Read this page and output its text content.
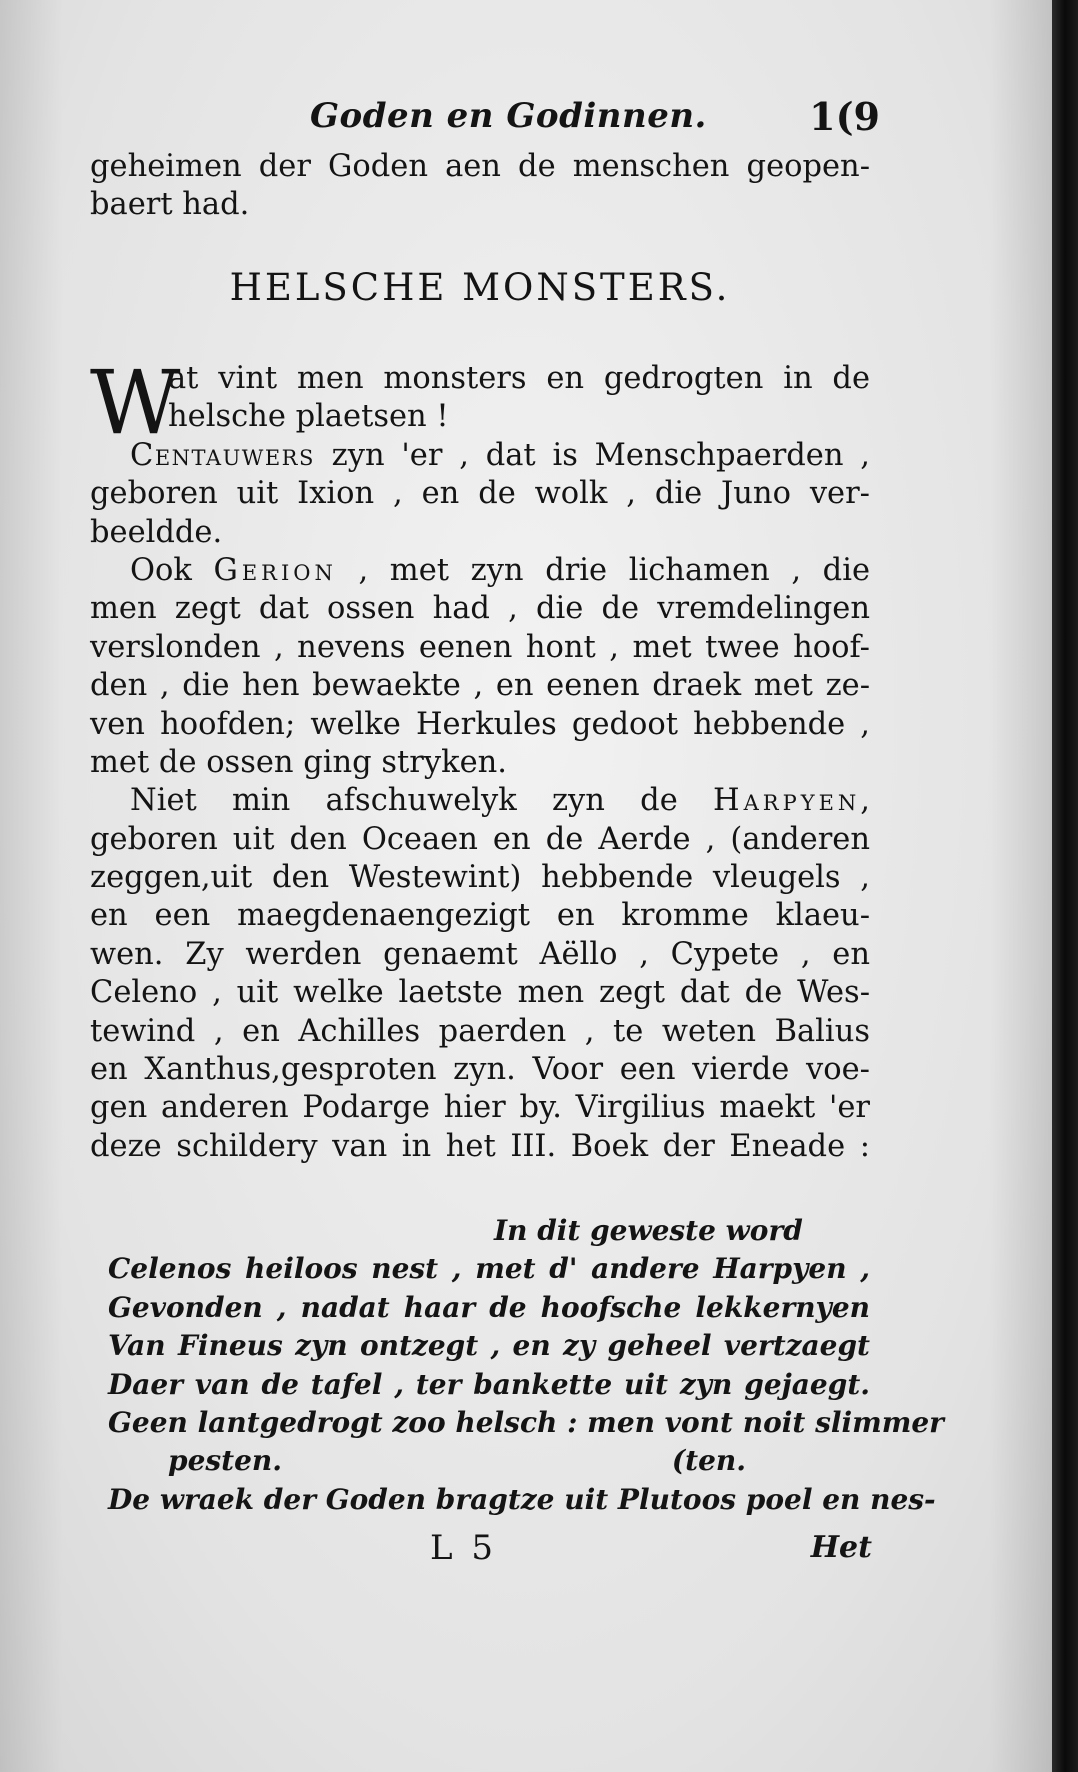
Goden en Godinnen.	1(9
geheimen der Goden aen de menschen geopen-
baert had.
HELSCHE MONSTERS.
W
at vint men monsters en gedrogten in de
helsche plaetsen !
Centauwers zyn 'er , dat is Menschpaerden ,
geboren uit Ixion , en de wolk , die Juno ver-
beeldde.
Ook Gerion , met zyn drie lichamen , die
men zegt dat ossen had , die de vremdelingen
verslonden , nevens eenen hont , met twee hoof-
den , die hen bewaekte , en eenen draek met ze-
ven hoofden; welke Herkules gedoot hebbende ,
met de ossen ging stryken.
Niet min afschuwelyk zyn de Harpyen,
geboren uit den Oceaen en de Aerde , (anderen
zeggen,uit den Westewint) hebbende vleugels ,
en een maegdenaengezigt en kromme klaeu-
wen. Zy werden genaemt Aëllo , Cypete , en
Celeno , uit welke laetste men zegt dat de Wes-
tewind , en Achilles paerden , te weten Balius
en Xanthus,gesproten zyn. Voor een vierde voe-
gen anderen Podarge hier by. Virgilius maekt 'er
deze schildery van in het III. Boek der Eneade :
In dit geweste word
Celenos heiloos nest , met d' andere Harpyen ,
Gevonden , nadat haar de hoofsche lekkernyen
Van Fineus zyn ontzegt , en zy geheel vertzaegt
Daer van de tafel , ter bankette uit zyn gejaegt.
Geen lantgedrogt zoo helsch : men vont noit slimmer
pesten.                                        (ten.
De wraek der Goden bragtze uit Plutoos poel en nes-
L 5	Het
